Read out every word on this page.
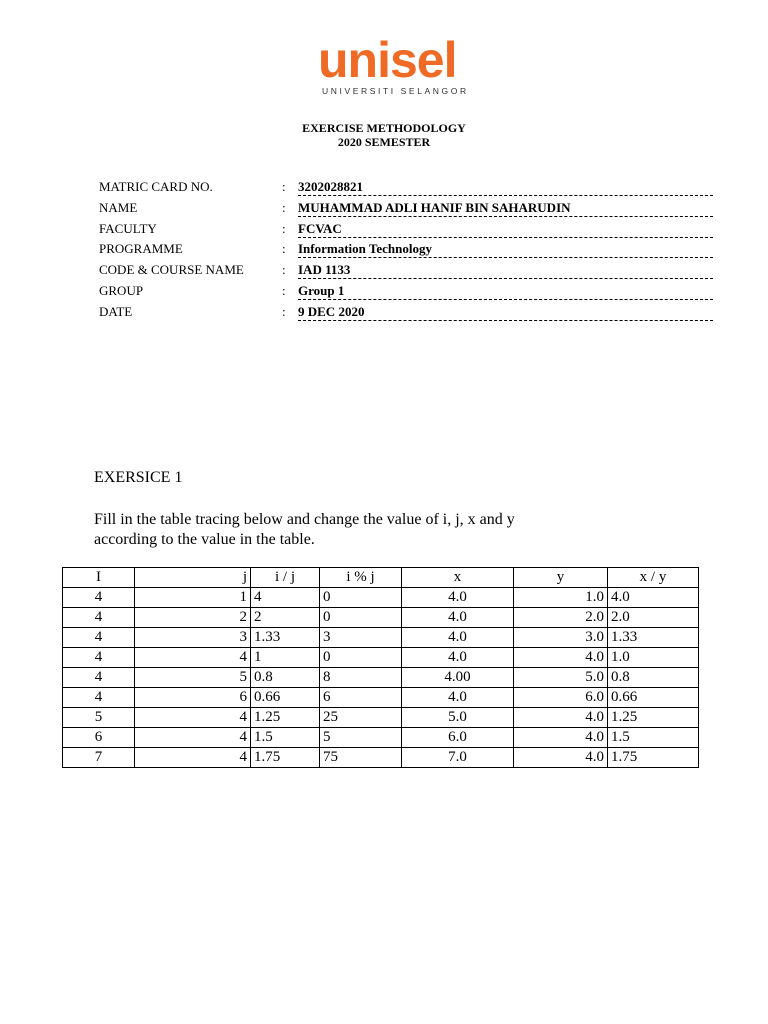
unisel
UNIVERSITI SELANGOR
EXERCISE METHODOLOGY
2020 SEMESTER
MATRIC CARD NO.	: 3202028821
NAME	: MUHAMMAD ADLI HANIF BIN SAHARUDIN
FACULTY	: FCVAC
PROGRAMME	: Information Technology
CODE & COURSE NAME	: IAD 1133
GROUP	: Group 1
DATE	: 9 DEC 2020
EXERSICE 1
Fill in the table tracing below and change the value of i, j, x and y according to the value in the table.
I	j	i / j	i % j	x	y	x / y
4	1	4	0	4.0	1.0	4.0
4	2	2	0	4.0	2.0	2.0
4	3	1.33	3	4.0	3.0	1.33
4	4	1	0	4.0	4.0	1.0
4	5	0.8	8	4.00	5.0	0.8
4	6	0.66	6	4.0	6.0	0.66
5	4	1.25	25	5.0	4.0	1.25
6	4	1.5	5	6.0	4.0	1.5
7	4	1.75	75	7.0	4.0	1.75
